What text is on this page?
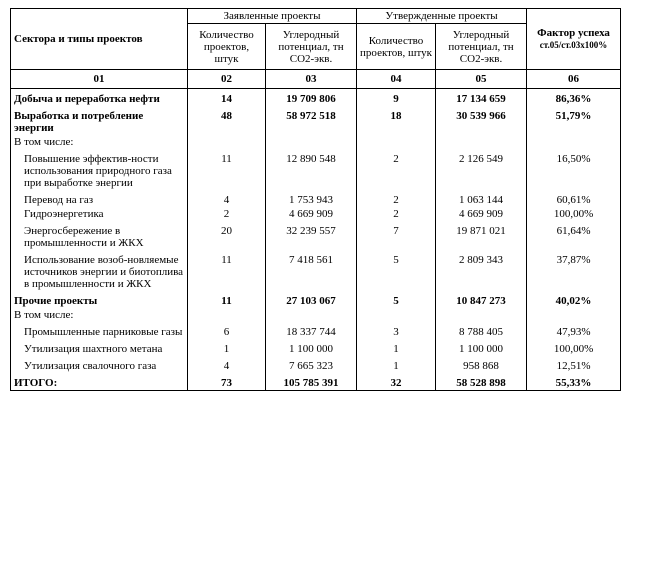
Сектора и типы проектов	Заявленные проекты		Утвержденные проекты		Фактор успеха
ст.05/ст.03х100%

	Количество проектов, штук	Углеродный потенциал, тн СО2-экв.	Количество проектов, штук	Углеродный потенциал, тн СО2-экв.	
01	02	03	04	05	06
Добыча и переработка нефти	14	19 709 806	9	17 134 659	86,36%
Выработка и потребление энергии	48	58 972 518	18	30 539 966	51,79%
В том числе:					
Повышение эффектив-ности использования природного газа при выработке энергии	11	12 890 548	2	2 126 549	16,50%
Перевод на газ	4	1 753 943	2	1 063 144	60,61%
Гидроэнергетика	2	4 669 909	2	4 669 909	100,00%
Энергосбережение в промышленности и ЖКХ	20	32 239 557	7	19 871 021	61,64%
Использование возоб-новляемые источников энергии и биотоплива в промышленности и ЖКХ	11	7 418 561	5	2 809 343	37,87%
Прочие проекты	11	27 103 067	5	10 847 273	40,02%
В том числе:					
Промышленные парниковые газы	6	18 337 744	3	8 788 405	47,93%
Утилизация шахтного метана	1	1 100 000	1	1 100 000	100,00%
Утилизация свалочного газа	4	7 665 323	1	958 868	12,51%
ИТОГО:	73	105 785 391	32	58 528 898	55,33%
